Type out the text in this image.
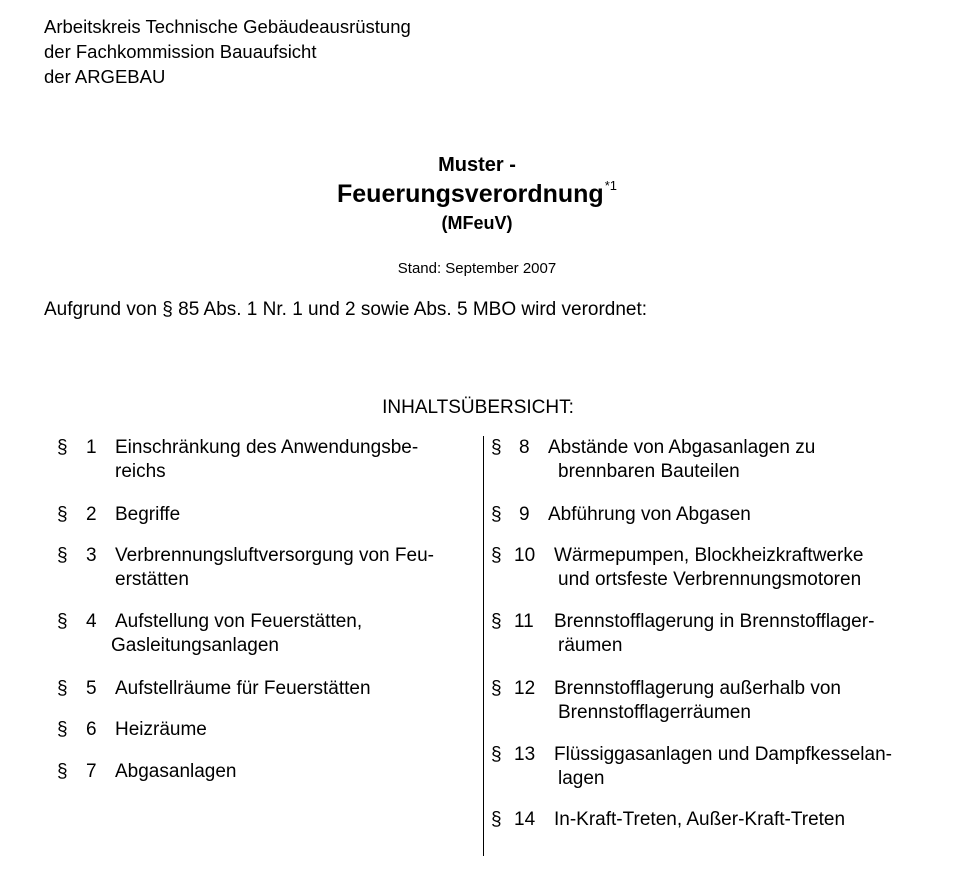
Arbeitskreis Technische Gebäudeausrüstung
der Fachkommission Bauaufsicht
der ARGEBAU
Muster -
Feuerungsverordnung$^{*1}$
(MFeuV)
Stand: September 2007
Aufgrund von § 85 Abs. 1 Nr. 1 und 2 sowie Abs. 5 MBO wird verordnet:
INHALTSÜBERSICHT:
§ 1 Einschränkung des Anwendungsbe-
reichs
§ 2 Begriffe
§ 3 Verbrennungsluftversorgung von Feu-
erstätten
§ 4 Aufstellung von Feuerstätten,
Gasleitungsanlagen
§ 5 Aufstellräume für Feuerstätten
§ 6 Heizräume
§ 7 Abgasanlagen
§ 8 Abstände von Abgasanlagen zu
brennbaren Bauteilen
§ 9 Abführung von Abgasen
§ 10 Wärmepumpen, Blockheizkraftwerke
und ortsfeste Verbrennungsmotoren
§ 11 Brennstofflagerung in Brennstofflager-
räumen
§ 12 Brennstofflagerung außerhalb von
Brennstofflagerräumen
§ 13 Flüssiggasanlagen und Dampfkesselan-
lagen
§ 14 In-Kraft-Treten, Außer-Kraft-Treten
